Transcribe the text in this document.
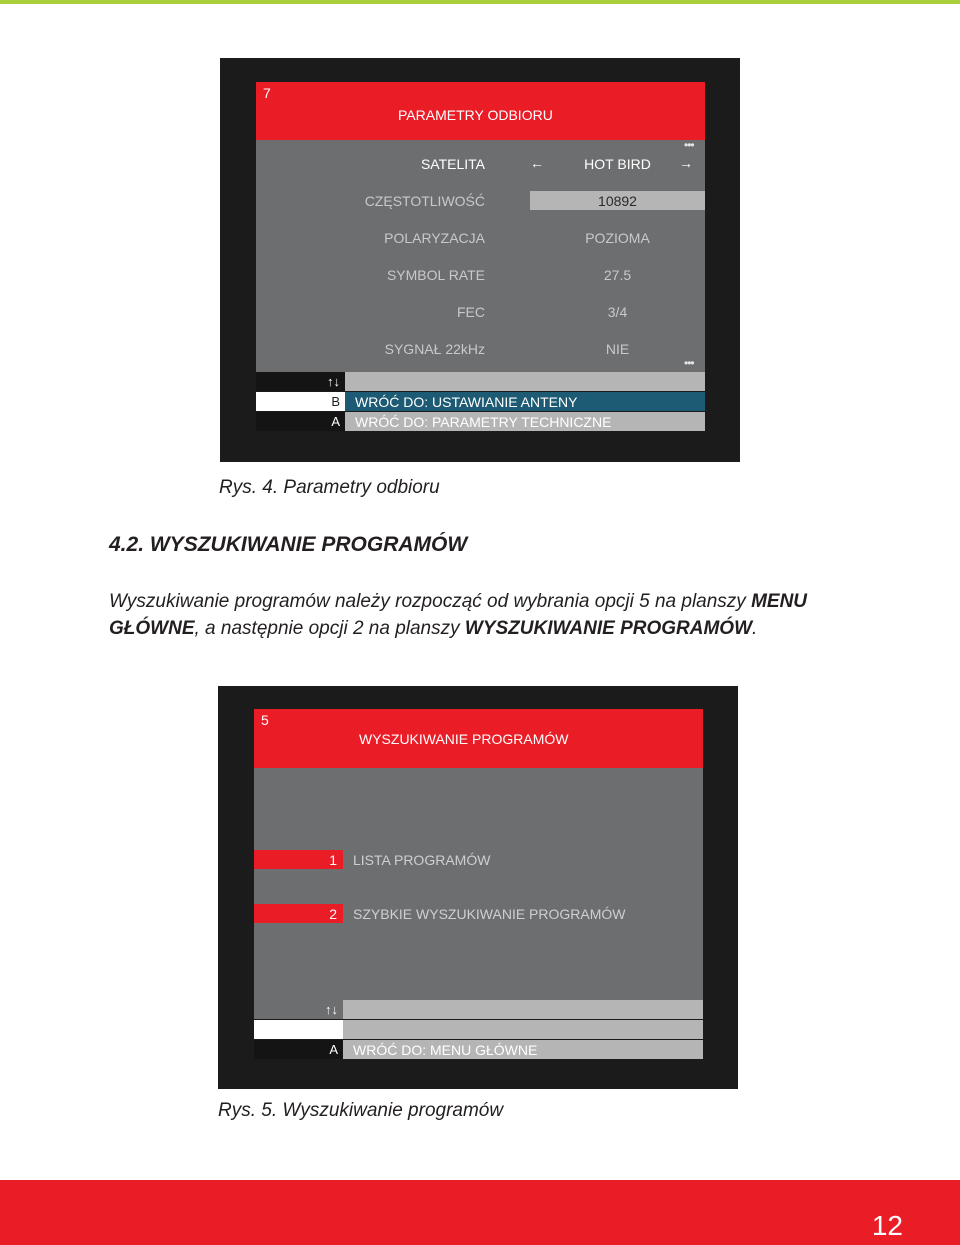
7
PARAMETRY ODBIORU
SATELITA	←	HOT BIRD	→
•••
CZĘSTOTLIWOŚĆ	10892
POLARYZACJA	POZIOMA
SYMBOL RATE	27.5
FEC	3/4
SYGNAŁ 22kHz	NIE
•••
↑↓
B WRÓĆ DO: USTAWIANIE ANTENY
A WRÓĆ DO: PARAMETRY TECHNICZNE
Rys. 4. Parametry odbioru
4.2. WYSZUKIWANIE PROGRAMÓW
Wyszukiwanie programów należy rozpocząć od wybrania opcji 5 na planszy MENU GŁÓWNE, a następnie opcji 2 na planszy WYSZUKIWANIE PROGRAMÓW.
5
WYSZUKIWANIE PROGRAMÓW
1 LISTA PROGRAMÓW
2 SZYBKIE WYSZUKIWANIE PROGRAMÓW
↑↓
A WRÓĆ DO: MENU GŁÓWNE
Rys. 5. Wyszukiwanie programów
12
